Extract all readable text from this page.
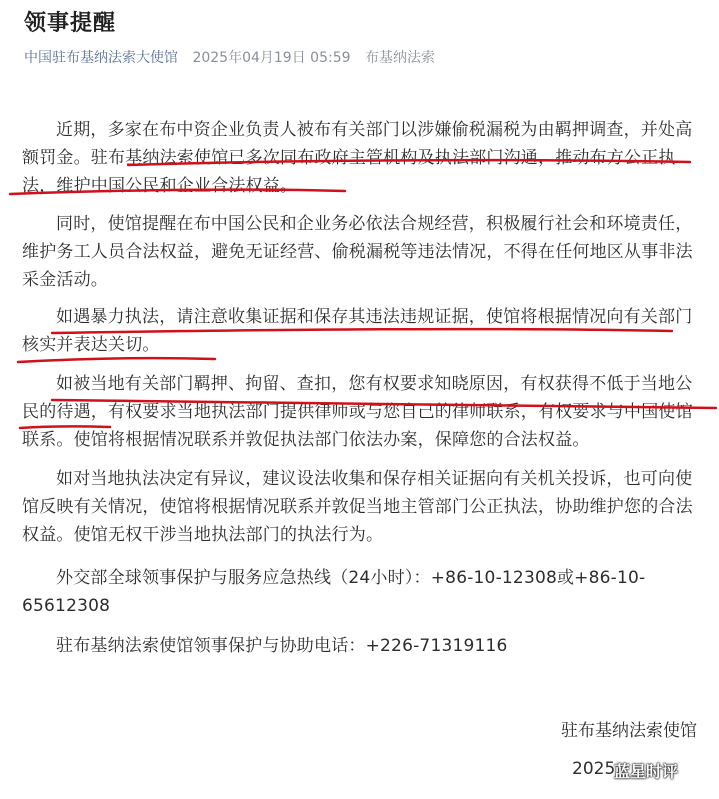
领事提醒
中国驻布基纳法索大使馆 2025年04月19日 05:59 布基纳法索
近期，多家在布中资企业负责人被布有关部门以涉嫌偷税漏税为由羁押调查，并处高额罚金。驻布基纳法索使馆已多次同布政府主管机构及执法部门沟通，推动布方公正执法，维护中国公民和企业合法权益。
同时，使馆提醒在布中国公民和企业务必依法合规经营，积极履行社会和环境责任，维护务工人员合法权益，避免无证经营、偷税漏税等违法情况，不得在任何地区从事非法采金活动。
如遇暴力执法，请注意收集证据和保存其违法违规证据，使馆将根据情况向有关部门核实并表达关切。
如被当地有关部门羁押、拘留、查扣，您有权要求知晓原因，有权获得不低于当地公民的待遇，有权要求当地执法部门提供律师或与您自己的律师联系，有权要求与中国使馆联系。使馆将根据情况联系并敦促执法部门依法办案，保障您的合法权益。
如对当地执法决定有异议，建议设法收集和保存相关证据向有关机关投诉，也可向使馆反映有关情况，使馆将根据情况联系并敦促当地主管部门公正执法，协助维护您的合法权益。使馆无权干涉当地执法部门的执法行为。
外交部全球领事保护与服务应急热线（24小时）：+86-10-12308或+86-10-65612308
驻布基纳法索使馆领事保护与协助电话：+226-71319116
驻布基纳法索使馆
2025
蓝星时评
